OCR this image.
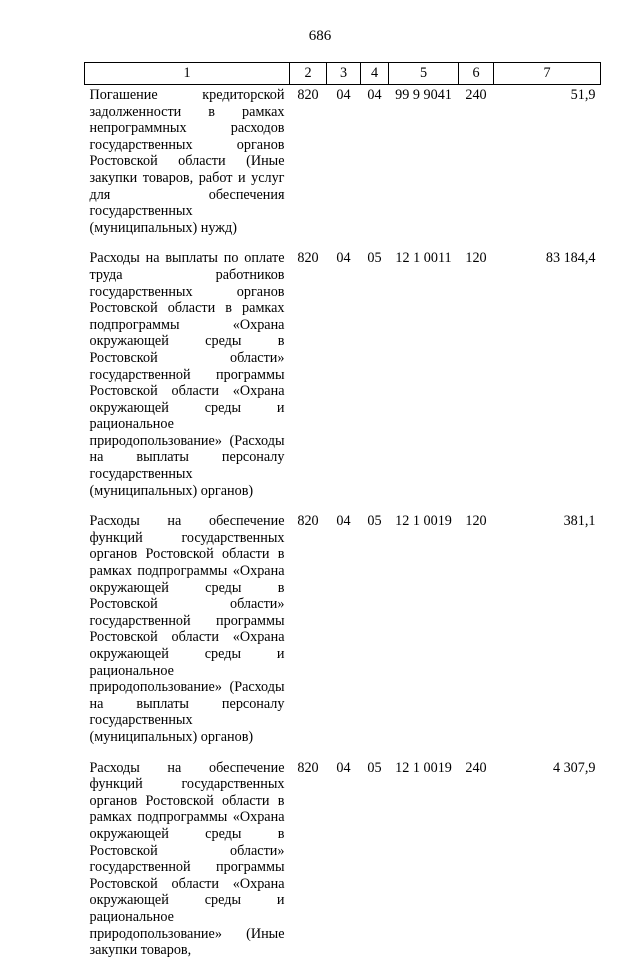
686
1	2	3	4	5	6	7
Погашение кредиторской задолженности в рамках непрограммных расходов государственных органов Ростовской области (Иные закупки товаров, работ и услуг для обеспечения государственных (муниципальных) нужд)	820	04	04	99 9 9041	240	51,9
Расходы на выплаты по оплате труда работников государственных органов Ростовской области в рамках подпрограммы «Охрана окружающей среды в Ростовской области» государственной программы Ростовской области «Охрана окружающей среды и рациональное природопользование» (Расходы на выплаты персоналу государственных (муниципальных) органов)	820	04	05	12 1 0011	120	83 184,4
Расходы на обеспечение функций государственных органов Ростовской области в рамках подпрограммы «Охрана окружающей среды в Ростовской области» государственной программы Ростовской области «Охрана окружающей среды и рациональное природопользование» (Расходы на выплаты персоналу государственных (муниципальных) органов)	820	04	05	12 1 0019	120	381,1
Расходы на обеспечение функций государственных органов Ростовской области в рамках подпрограммы «Охрана окружающей среды в Ростовской области» государственной программы Ростовской области «Охрана окружающей среды и рациональное природопользование» (Иные закупки товаров,	820	04	05	12 1 0019	240	4 307,9
